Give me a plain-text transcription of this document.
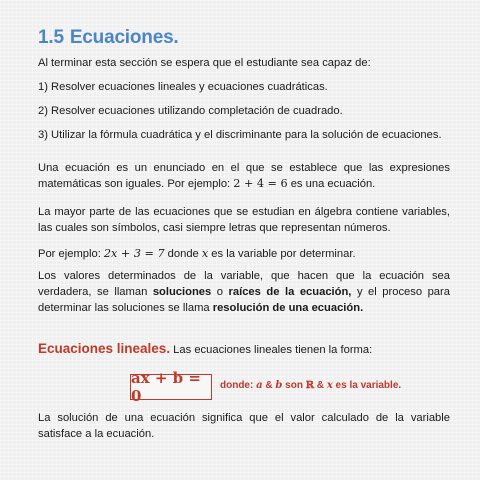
1.5 Ecuaciones.
Al terminar esta sección se espera que el estudiante sea capaz de:
1) Resolver ecuaciones lineales y ecuaciones cuadráticas.
2) Resolver ecuaciones utilizando completación de cuadrado.
3) Utilizar la fórmula cuadrática y el discriminante para la solución de ecuaciones.
Una ecuación es un enunciado en el que se establece que las expresiones matemáticas son iguales. Por ejemplo: 2 + 4 = 6 es una ecuación.
La mayor parte de las ecuaciones que se estudian en álgebra contiene variables, las cuales son símbolos, casi siempre letras que representan números.
Por ejemplo: 2x + 3 = 7 donde x es la variable por determinar.
Los valores determinados de la variable, que hacen que la ecuación sea verdadera, se llaman soluciones o raíces de la ecuación, y el proceso para determinar las soluciones se llama resolución de una ecuación.
Ecuaciones lineales. Las ecuaciones lineales tienen la forma:
ax + b = 0
donde: a & b son ℝ & x es la variable.
La solución de una ecuación significa que el valor calculado de la variable satisface a la ecuación.
